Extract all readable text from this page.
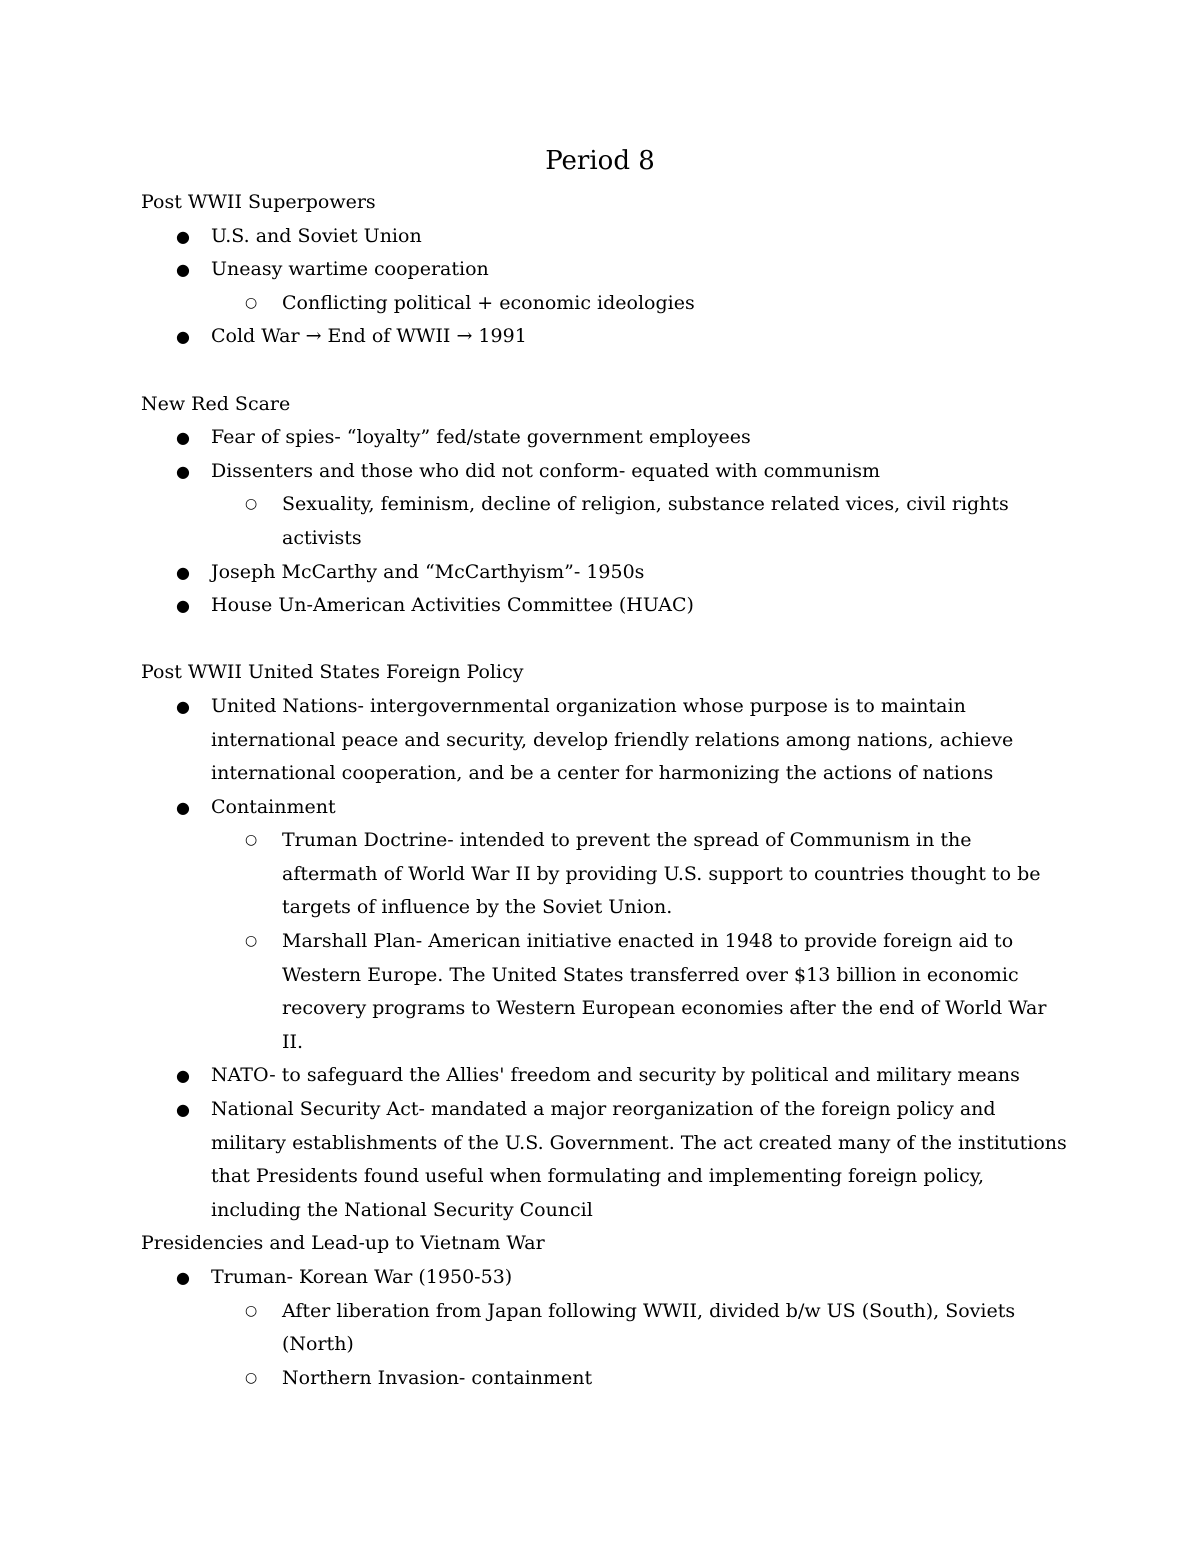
Period 8
Post WWII Superpowers
●	U.S. and Soviet Union
●	Uneasy wartime cooperation
○	Conflicting political + economic ideologies
●	Cold War → End of WWII → 1991
New Red Scare
●	Fear of spies- “loyalty” fed/state government employees
●	Dissenters and those who did not conform- equated with communism
○	Sexuality, feminism, decline of religion, substance related vices, civil rights activists
●	Joseph McCarthy and “McCarthyism”- 1950s
●	House Un-American Activities Committee (HUAC)
Post WWII United States Foreign Policy
●	United Nations- intergovernmental organization whose purpose is to maintain international peace and security, develop friendly relations among nations, achieve international cooperation, and be a center for harmonizing the actions of nations
●	Containment
○	Truman Doctrine- intended to prevent the spread of Communism in the aftermath of World War II by providing U.S. support to countries thought to be targets of influence by the Soviet Union.
○	Marshall Plan- American initiative enacted in 1948 to provide foreign aid to Western Europe. The United States transferred over $13 billion in economic recovery programs to Western European economies after the end of World War II.
●	NATO- to safeguard the Allies' freedom and security by political and military means
●	National Security Act- mandated a major reorganization of the foreign policy and military establishments of the U.S. Government. The act created many of the institutions that Presidents found useful when formulating and implementing foreign policy, including the National Security Council
Presidencies and Lead-up to Vietnam War
●	Truman- Korean War (1950-53)
○	After liberation from Japan following WWII, divided b/w US (South), Soviets (North)
○	Northern Invasion- containment
